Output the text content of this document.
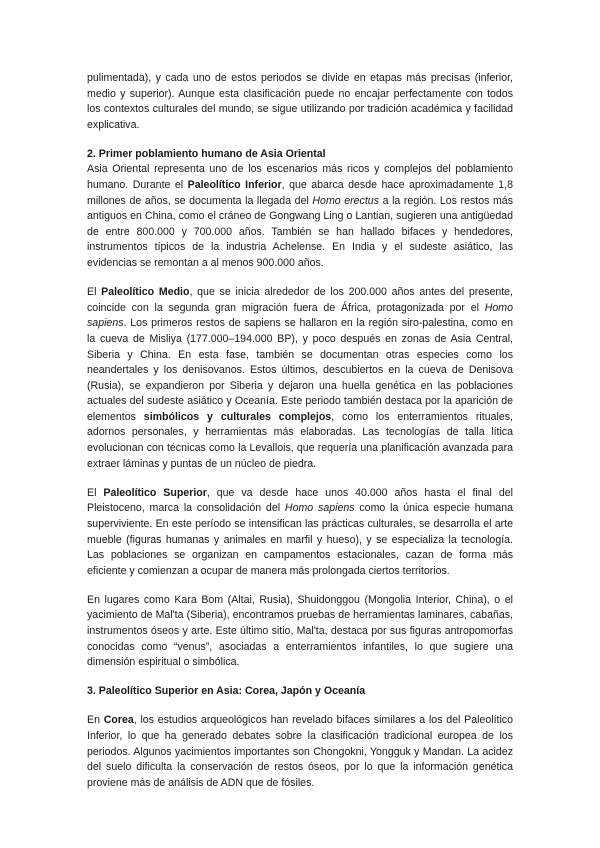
pulimentada), y cada uno de estos periodos se divide en etapas más precisas (inferior, medio y superior). Aunque esta clasificación puede no encajar perfectamente con todos los contextos culturales del mundo, se sigue utilizando por tradición académica y facilidad explicativa.

2. Primer poblamiento humano de Asia Oriental

Asia Oriental representa uno de los escenarios más ricos y complejos del poblamiento humano. Durante el Paleolítico Inferior, que abarca desde hace aproximadamente 1,8 millones de años, se documenta la llegada del Homo erectus a la región. Los restos más antiguos en China, como el cráneo de Gongwang Ling o Lantian, sugieren una antigüedad de entre 800.000 y 700.000 años. También se han hallado bifaces y hendedores, instrumentos típicos de la industria Achelense. En India y el sudeste asiático, las evidencias se remontan a al menos 900.000 años.

El Paleolítico Medio, que se inicia alrededor de los 200.000 años antes del presente, coincide con la segunda gran migración fuera de África, protagonizada por el Homo sapiens. Los primeros restos de sapiens se hallaron en la región siro-palestina, como en la cueva de Misliya (177.000–194.000 BP), y poco después en zonas de Asia Central, Siberia y China. En esta fase, también se documentan otras especies como los neandertales y los denisovanos. Estos últimos, descubiertos en la cueva de Denisova (Rusia), se expandieron por Siberia y dejaron una huella genética en las poblaciones actuales del sudeste asiático y Oceanía. Este periodo también destaca por la aparición de elementos simbólicos y culturales complejos, como los enterramientos rituales, adornos personales, y herramientas más elaboradas. Las tecnologías de talla lítica evolucionan con técnicas como la Levallois, que requería una planificación avanzada para extraer láminas y puntas de un núcleo de piedra.

El Paleolítico Superior, que va desde hace unos 40.000 años hasta el final del Pleistoceno, marca la consolidación del Homo sapiens como la única especie humana superviviente. En este período se intensifican las prácticas culturales, se desarrolla el arte mueble (figuras humanas y animales en marfil y hueso), y se especializa la tecnología. Las poblaciones se organizan en campamentos estacionales, cazan de forma más eficiente y comienzan a ocupar de manera más prolongada ciertos territorios.

En lugares como Kara Bom (Altai, Rusia), Shuidonggou (Mongolia Interior, China), o el yacimiento de Mal'ta (Siberia), encontramos pruebas de herramientas laminares, cabañas, instrumentos óseos y arte. Este último sitio, Mal'ta, destaca por sus figuras antropomorfas conocidas como “venus”, asociadas a enterramientos infantiles, lo que sugiere una dimensión espiritual o simbólica.

3. Paleolítico Superior en Asia: Corea, Japón y Oceanía

En Corea, los estudios arqueológicos han revelado bifaces similares a los del Paleolítico Inferior, lo que ha generado debates sobre la clasificación tradicional europea de los periodos. Algunos yacimientos importantes son Chongokni, Yongguk y Mandan. La acidez del suelo dificulta la conservación de restos óseos, por lo que la información genética proviene más de análisis de ADN que de fósiles.
